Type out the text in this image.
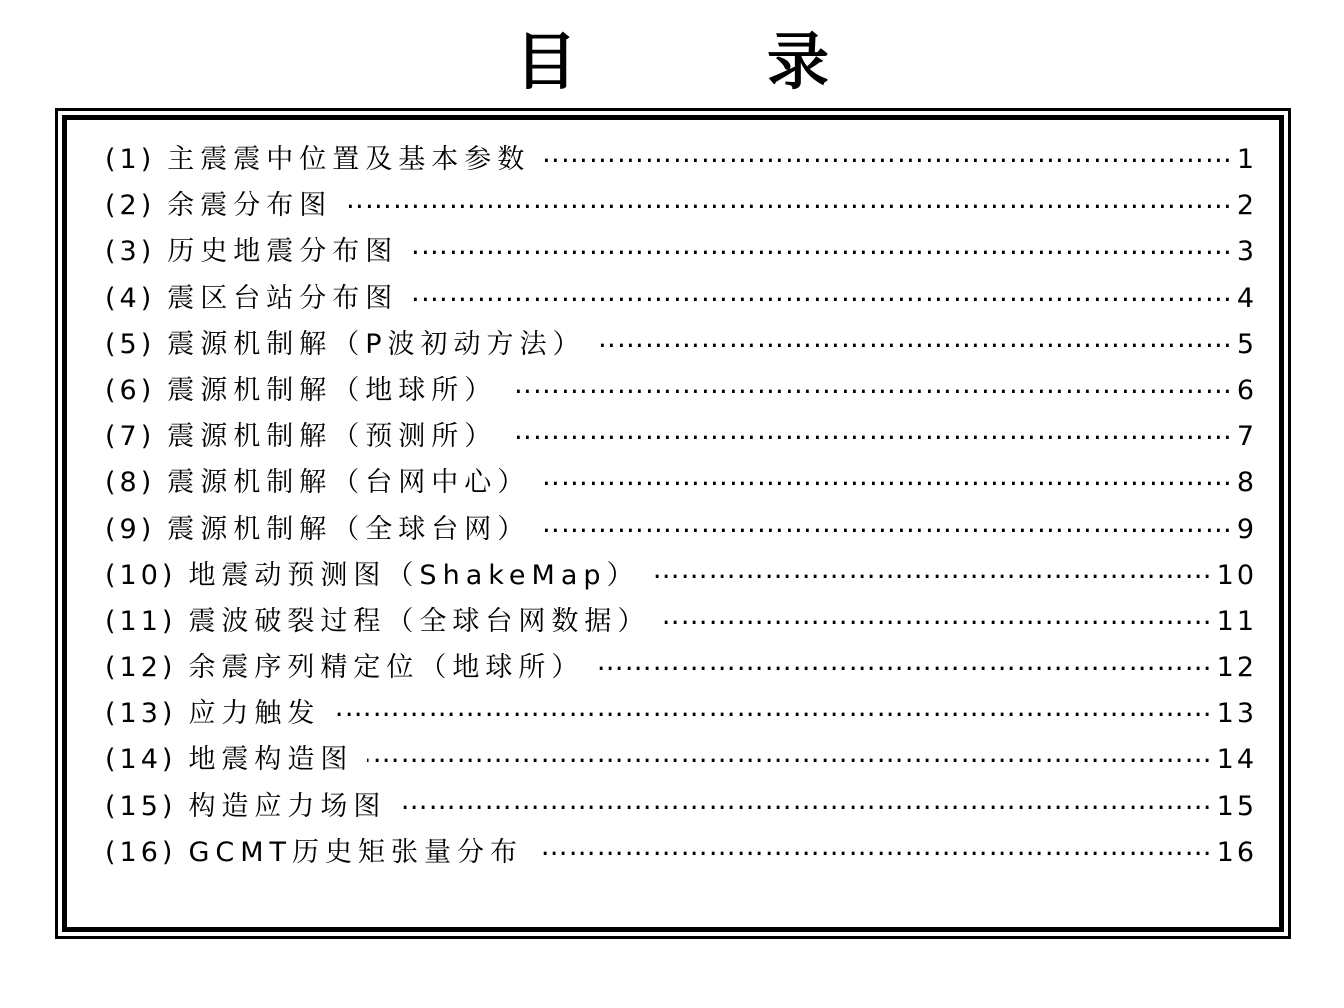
目　录
(1) 主震震中位置及基本参数 ……………………………………………………………………………………………………………………………………………………………………………	1
(2) 余震分布图 ……………………………………………………………………………………………………………………………………………………………………………	2
(3) 历史地震分布图 ……………………………………………………………………………………………………………………………………………………………………………	3
(4) 震区台站分布图 ……………………………………………………………………………………………………………………………………………………………………………	4
(5) 震源机制解（P波初动方法） ……………………………………………………………………………………………………………………………………………………………………………	5
(6) 震源机制解（地球所） ……………………………………………………………………………………………………………………………………………………………………………	6
(7) 震源机制解（预测所） ……………………………………………………………………………………………………………………………………………………………………………	7
(8) 震源机制解（台网中心） ……………………………………………………………………………………………………………………………………………………………………………	8
(9) 震源机制解（全球台网） ……………………………………………………………………………………………………………………………………………………………………………	9
(10) 地震动预测图（ShakeMap） ……………………………………………………………………………………………………………………………………………………………………………	10
(11) 震波破裂过程（全球台网数据） ……………………………………………………………………………………………………………………………………………………………………………	11
(12) 余震序列精定位（地球所） ……………………………………………………………………………………………………………………………………………………………………………	12
(13) 应力触发 ……………………………………………………………………………………………………………………………………………………………………………	13
(14) 地震构造图 ……………………………………………………………………………………………………………………………………………………………………………	14
(15) 构造应力场图 ……………………………………………………………………………………………………………………………………………………………………………	15
(16) GCMT历史矩张量分布 ……………………………………………………………………………………………………………………………………………………………………………	16
